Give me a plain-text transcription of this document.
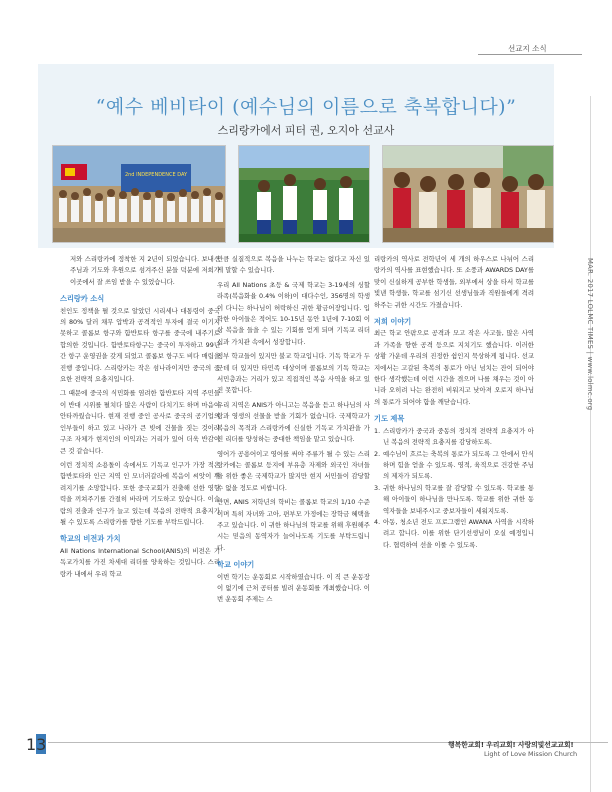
선교지 소식
“예수 베비타이 (예수님의 이름으로 축복합니다)”
스리랑카에서 피터 권, 오지아 선교사
2nd INDEPENDENCE DAY
MAR. 2017 LOLMC TIMES | www.lolmc.org

저와 스리랑카에 정착한 지 2년이 되었습니다. 보내신 주님과 기도와 후원으로 섬겨주신 분들 덕분에 저희가 이곳에서 잘 쓰임 받을 수 있었습니다.

스리랑카 소식

친인도 정책을 펼 것으로 알았던 시리세나 대통령이 중국의 80% 달러 채무 압박과 공격적인 투자에 결국 이기지 못하고 콜롬보 항구와 함반토타 항구를 중국에 내주기로 합의한 것입니다. 함반토타항구는 중국이 투자하고 99년간 항구 운영권을 갖게 되었고 콜롬보 항구도 비다 매립을 진행 중입니다. 스리랑카는 작은 섬나라이지만 중국의 중요한 전략적 요충지입니다.

그 때문에 중국의 식민화를 염려한 함반토타 지역 주민들이 반대 시위를 펼치다 많은 사람이 다치기도 하며 마음이 안타까웠습니다. 현재 진행 중인 공사로 중국의 공기업의 인부들이 하고 있고 나라가 큰 빚에 건물을 짓는 것이라 구조 자체가 현지인의 이익과는 거리가 있어 더욱 반감이 큰 것 같습니다.

이런 정치적 소용돌이 속에서도 기독교 인구가 가장 적은 함반토타와 인근 지역 인 모너러갈라에 복음이 씨앗이 뿌려지기를 소망합니다. 또한 중국교회가 진출해 선한 영향력을 끼쳐주기를 간절히 바라며 기도하고 있습니다. 이슬람의 진출과 인구가 늘고 있는데 복음의 전략적 요충지가 될 수 있도록 스리랑카를 향한 기도를 부탁드립니다.

학교의 비전과 가치

All Nations International School(ANIS)의 비전은 기독교가치를 가진 차세대 리더를 양육하는 것입니다. 스리랑카 내에서 우리 학교

만큼 실질적으로 복음을 나누는 학교는 없다고 자신 있게 말할 수 있습니다.

우리 All Nations 초등 & 국제 학교는 3-19세의 싱할라족(복음화율 0.4% 이하)이 대다수인, 356명의 학생이 다니는 하나님이 허락하신 귀한 황금어장입니다. 입학한 아이들은 적어도 10-15년 동안 1년에 7-10회 이상 복음을 들을 수 있는 기회를 얻게 되며 기독교 리더십과 가치관 속에서 성장합니다.

정부 학교들이 있지만 불교 학교입니다. 기독 학교가 두 군데 더 있지만 타민족 대상이며 콜롬보의 기독 학교는 서민층과는 거리가 있고 직접적인 복음 사역을 하고 있진 못합니다.

우리 지역은 ANIS가 아니고는 복음을 듣고 하나님의 사랑과 영생의 선물을 받을 기회가 없습니다. 국제학교가 복음의 목적과 스리랑카에 신실한 기독교 가치관을 가진 리더를 양성하는 중대한 책임을 맡고 있습니다.

영어가 공용어이고 영어를 써야 주류가 될 수 있는 스리랑카에는 콜롬보 등지에 부유층 자제와 외국인 자녀들을 위한 좋은 국제학교가 많지만 현지 서민들이 감당할 수 없을 정도로 비쌉니다.

반면, ANIS 저학년의 학비는 콜롬보 학교의 1/10 수준이며 특히 자녀와 고아, 편부모 가정에는 장학금 혜택을 주고 있습니다. 이 귀한 하나님의 학교를 위해 후원해주시는 믿음의 동역자가 늘어나도록 기도를 부탁드립니다.

학교 이야기

이번 학기는 운동회로 시작하였습니다. 이 직 큰 운동장이 없기에 근처 공터를 빌려 운동회를 개최했습니다. 이번 운동회 주제는 스

리랑카의 역사로 전학년이 세 개의 하우스로 나뉘어 스리랑카의 역사를 표현했습니다. 또 소풍과 AWARDS DAY를 맞이 신실하게 공부한 학생들, 외부에서 상을 타서 학교를 빛낸 학생들, 학교를 섬기신 선생님들과 직원들에게 격려하주는 귀한 시간도 가졌습니다.

저희 이야기

최근 학교 안팎으로 공격과 모고 작은 사고들, 많은 사역과 가족을 향한 공격 등으로 지치기도 했습니다. 이러한 상황 가운데 우리의 진정한 쉼인지 묵상하게 됩니다. 선교지에서는 고갈된 축복의 통로가 아닌 넘치는 잔이 되어야 한다 생각했는데 이런 시간을 겪으며 나를 채우는 것이 아니라 오히려 나는 완전히 비워지고 낮아져 오로지 하나님의 통로가 되어야 함을 깨닫습니다.

기도 제목
1. 스리랑카가 중국과 중동의 정치적 전략적 요충지가 아닌 복음의 전략적 요충지를 감당하도록.
2. 예수님이 흐르는 축복의 통로가 되도록 그 안에서 안식하며 힘을 얻을 수 있도록. 영적, 육적으로 건강한 주님의 제자가 되도록.
3. 귀한 하나님의 학교를 잘 감당할 수 있도록. 학교를 통해 아이들이 하나님을 만나도록. 학교를 위한 귀한 동역자들을 보내주시고 중보자들이 세워지도록.
4. 아동, 청소년 전도 프로그램인 AWANA 사역을 시작하려고 합니다. 이를 위한 단기선생님이 오실 예정입니다. 협력하여 선을 이룰 수 있도록.
13	행복한교회! 우리교회! 사랑의빛선교교회!
Light of Love Mission Church
